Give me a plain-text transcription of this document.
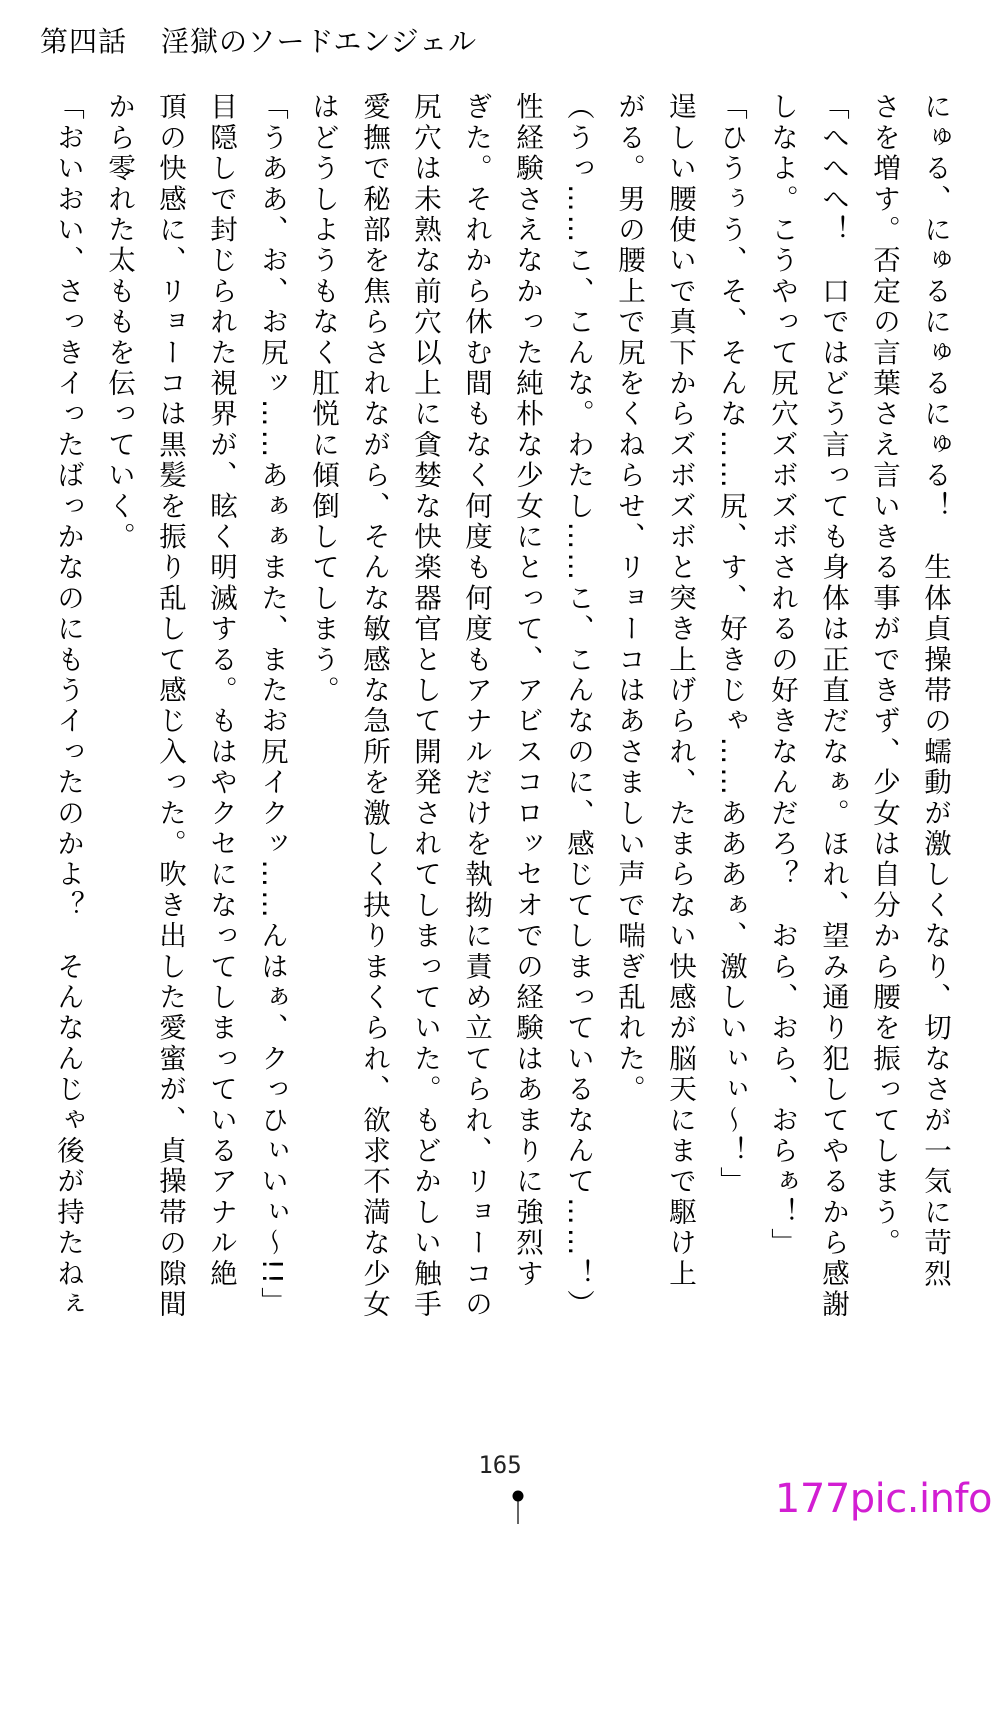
第四話 淫獄のソードエンジェル

にゅる、にゅるにゅるにゅる！　生体貞操帯の蠕動が激しくなり、切なさが一気に苛烈

さを増す。否定の言葉さえ言いきる事ができず、少女は自分から腰を振ってしまう。

「へへへ！　口ではどう言っても身体は正直だなぁ。ほれ、望み通り犯してやるから感謝

しなよ。こうやって尻穴ズボズボされるの好きなんだろ？　おら、おら、おらぁ！」

「ひうぅう、そ、そんな……尻、す、好きじゃ……あああぁ、激しいぃぃ～！」

逞しい腰使いで真下からズボズボと突き上げられ、たまらない快感が脳天にまで駆け上

がる。男の腰上で尻をくねらせ、リョーコはあさましい声で喘ぎ乱れた。

（うっ……こ、こんな。わたし……こ、こんなのに、感じてしまっているなんて……！）

性経験さえなかった純朴な少女にとって、アビスコロッセオでの経験はあまりに強烈す

ぎた。それから休む間もなく何度も何度もアナルだけを執拗に責め立てられ、リョーコの

尻穴は未熟な前穴以上に貪婪な快楽器官として開発されてしまっていた。もどかしい触手

愛撫で秘部を焦らされながら、そんな敏感な急所を激しく抉りまくられ、欲求不満な少女

はどうしようもなく肛悦に傾倒してしまう。

「うああ、お、お尻ッ……あぁぁまた、またお尻イクッ……んはぁ、クっひぃいぃ～!!」

目隠しで封じられた視界が、眩く明滅する。もはやクセになってしまっているアナル絶

頂の快感に、リョーコは黒髪を振り乱して感じ入った。吹き出した愛蜜が、貞操帯の隙間

から零れた太ももを伝っていく。

「おいおい、さっきイったばっかなのにもうイったのかよ？　そんなんじゃ後が持たねぇ

165
177pic.info
